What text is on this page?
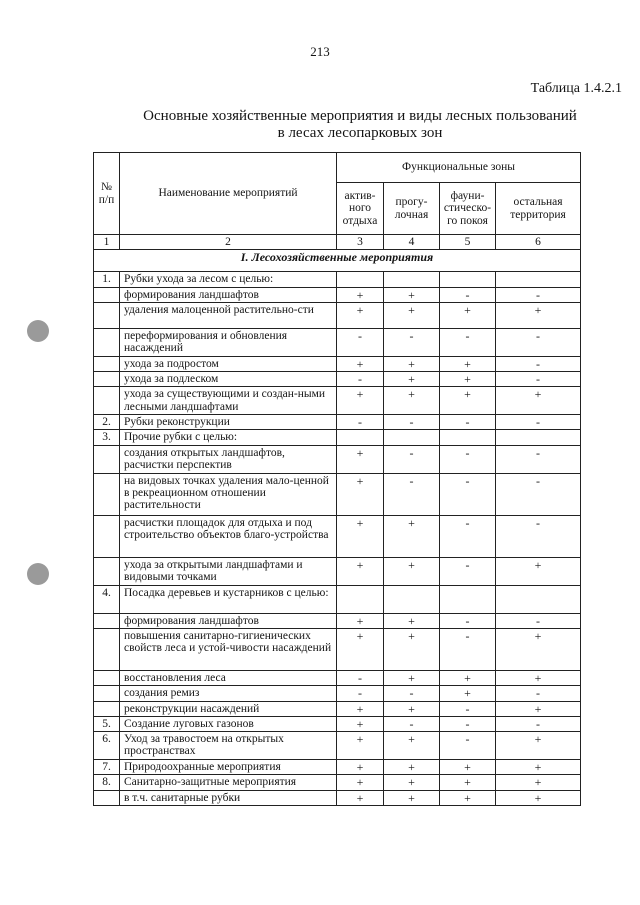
213
Таблица 1.4.2.1
Основные хозяйственные мероприятия и виды лесных пользований
в лесах лесопарковых зон
№ п/п	Наименование мероприятий	Функциональные зоны			
		актив-ного отдыха	прогу-лочная	фауни-стическо-го покоя	остальная территория
1	2	3	4	5	6
I. Лесохозяйственные мероприятия					
1.	Рубки ухода за лесом с целью:				
	формирования ландшафтов	+	+	-	-
	удаления малоценной растительно-сти	+	+	+	+
	переформирования и обновления насаждений	-	-	-	-
	ухода за подростом	+	+	+	-
	ухода за подлеском	-	+	+	-
	ухода за существующими и создан-ными лесными ландшафтами	+	+	+	+
2.	Рубки реконструкции	-	-	-	-
3.	Прочие рубки с целью:				
	создания открытых ландшафтов, расчистки перспектив	+	-	-	-
	на видовых точках удаления мало-ценной в рекреационном отношении растительности	+	-	-	-
	расчистки площадок для отдыха и под строительство объектов благо-устройства	+	+	-	-
	ухода за открытыми ландшафтами и видовыми точками	+	+	-	+
4.	Посадка деревьев и кустарников с целью:				
	формирования ландшафтов	+	+	-	-
	повышения санитарно-гигиенических свойств леса и устой-чивости насаждений	+	+	-	+
	восстановления леса	-	+	+	+
	создания ремиз	-	-	+	-
	реконструкции насаждений	+	+	-	+
5.	Создание луговых газонов	+	-	-	-
6.	Уход за травостоем на открытых пространствах	+	+	-	+
7.	Природоохранные мероприятия	+	+	+	+
8.	Санитарно-защитные мероприятия	+	+	+	+
	в т.ч. санитарные рубки	+	+	+	+
